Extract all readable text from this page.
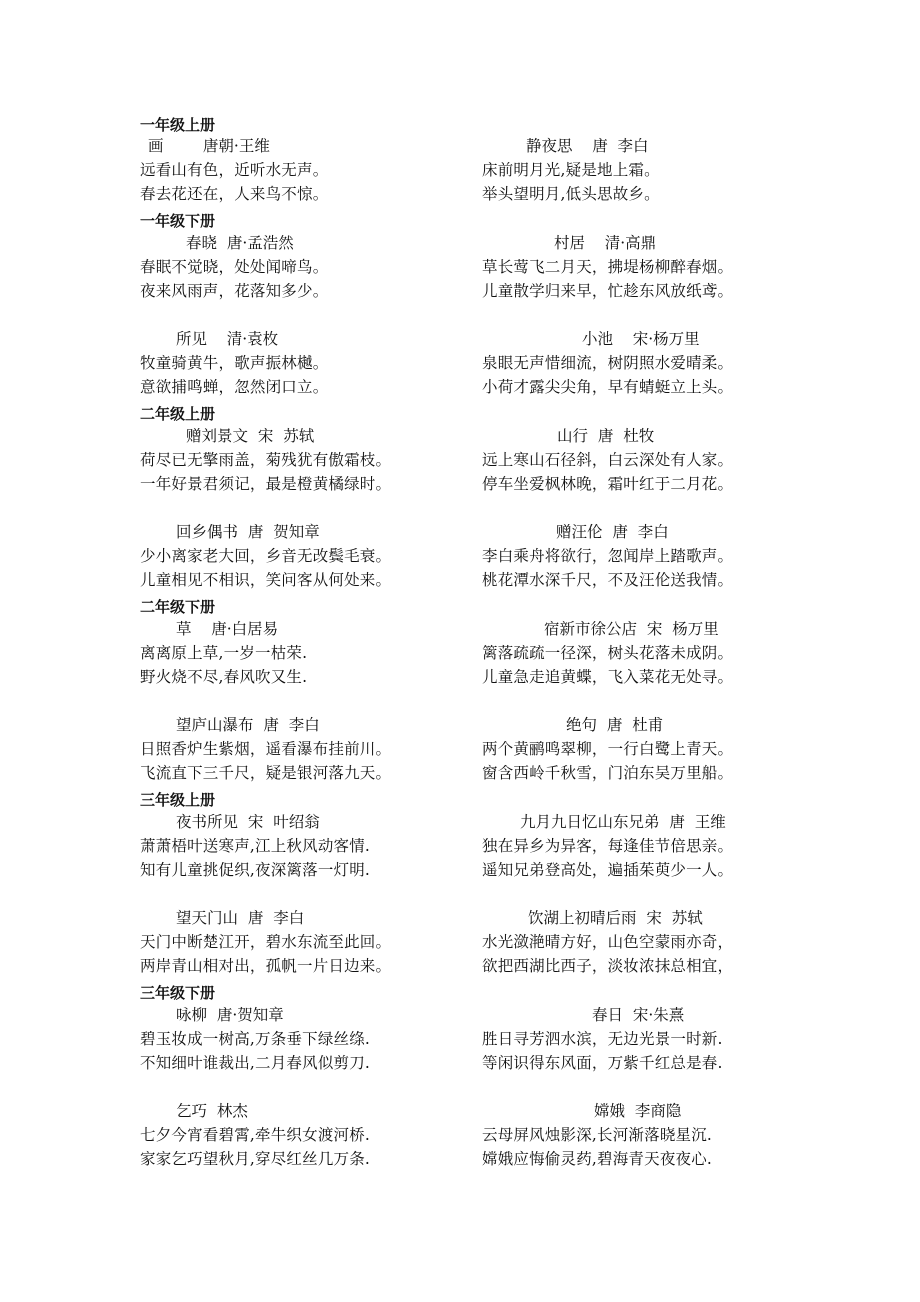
一年级上册
一年级下册
二年级上册
二年级下册
三年级上册
三年级下册
画        唐朝·王维
远看山有色，近听水无声。
春去花还在，人来鸟不惊。
静夜思    唐  李白
床前明月光,疑是地上霜。
举头望明月,低头思故乡。
春晓  唐·孟浩然
春眠不觉晓，处处闻啼鸟。
夜来风雨声，花落知多少。
村居    清·高鼎
草长莺飞二月天，拂堤杨柳醉春烟。
儿童散学归来早，忙趁东风放纸鸢。
所见    清·袁枚
牧童骑黄牛，歌声振林樾。
意欲捕鸣蝉，忽然闭口立。
小池    宋·杨万里
泉眼无声惜细流，树阴照水爱晴柔。
小荷才露尖尖角，早有蜻蜓立上头。
赠刘景文  宋  苏轼
荷尽已无擎雨盖，菊残犹有傲霜枝。
一年好景君须记，最是橙黄橘绿时。
山行  唐  杜牧
远上寒山石径斜，白云深处有人家。
停车坐爱枫林晚，霜叶红于二月花。
回乡偶书  唐  贺知章
少小离家老大回，乡音无改鬓毛衰。
儿童相见不相识，笑问客从何处来。
赠汪伦  唐  李白
李白乘舟将欲行，忽闻岸上踏歌声。
桃花潭水深千尺，不及汪伦送我情。
草    唐·白居易
离离原上草,一岁一枯荣.
野火烧不尽,春风吹又生.
宿新市徐公店  宋  杨万里
篱落疏疏一径深，树头花落未成阴。
儿童急走追黄蝶，飞入菜花无处寻。
望庐山瀑布  唐  李白
日照香炉生紫烟，遥看瀑布挂前川。
飞流直下三千尺，疑是银河落九天。
绝句  唐  杜甫
两个黄鹂鸣翠柳，一行白鹭上青天。
窗含西岭千秋雪，门泊东吴万里船。
夜书所见  宋  叶绍翁
萧萧梧叶送寒声,江上秋风动客情.
知有儿童挑促织,夜深篱落一灯明.
九月九日忆山东兄弟  唐  王维
独在异乡为异客，每逢佳节倍思亲。
遥知兄弟登高处，遍插茱萸少一人。
望天门山  唐  李白
天门中断楚江开，碧水东流至此回。
两岸青山相对出，孤帆一片日边来。
饮湖上初晴后雨  宋  苏轼
水光潋滟晴方好，山色空蒙雨亦奇，
欲把西湖比西子，淡妆浓抹总相宜，
咏柳  唐·贺知章
碧玉妆成一树高,万条垂下绿丝绦.
不知细叶谁裁出,二月春风似剪刀.
春日  宋·朱熹
胜日寻芳泗水滨，无边光景一时新.
等闲识得东风面，万紫千红总是春.
乞巧  林杰
七夕今宵看碧霄,牵牛织女渡河桥.
家家乞巧望秋月,穿尽红丝几万条.
嫦娥  李商隐
云母屏风烛影深,长河渐落晓星沉.
嫦娥应悔偷灵药,碧海青天夜夜心.
